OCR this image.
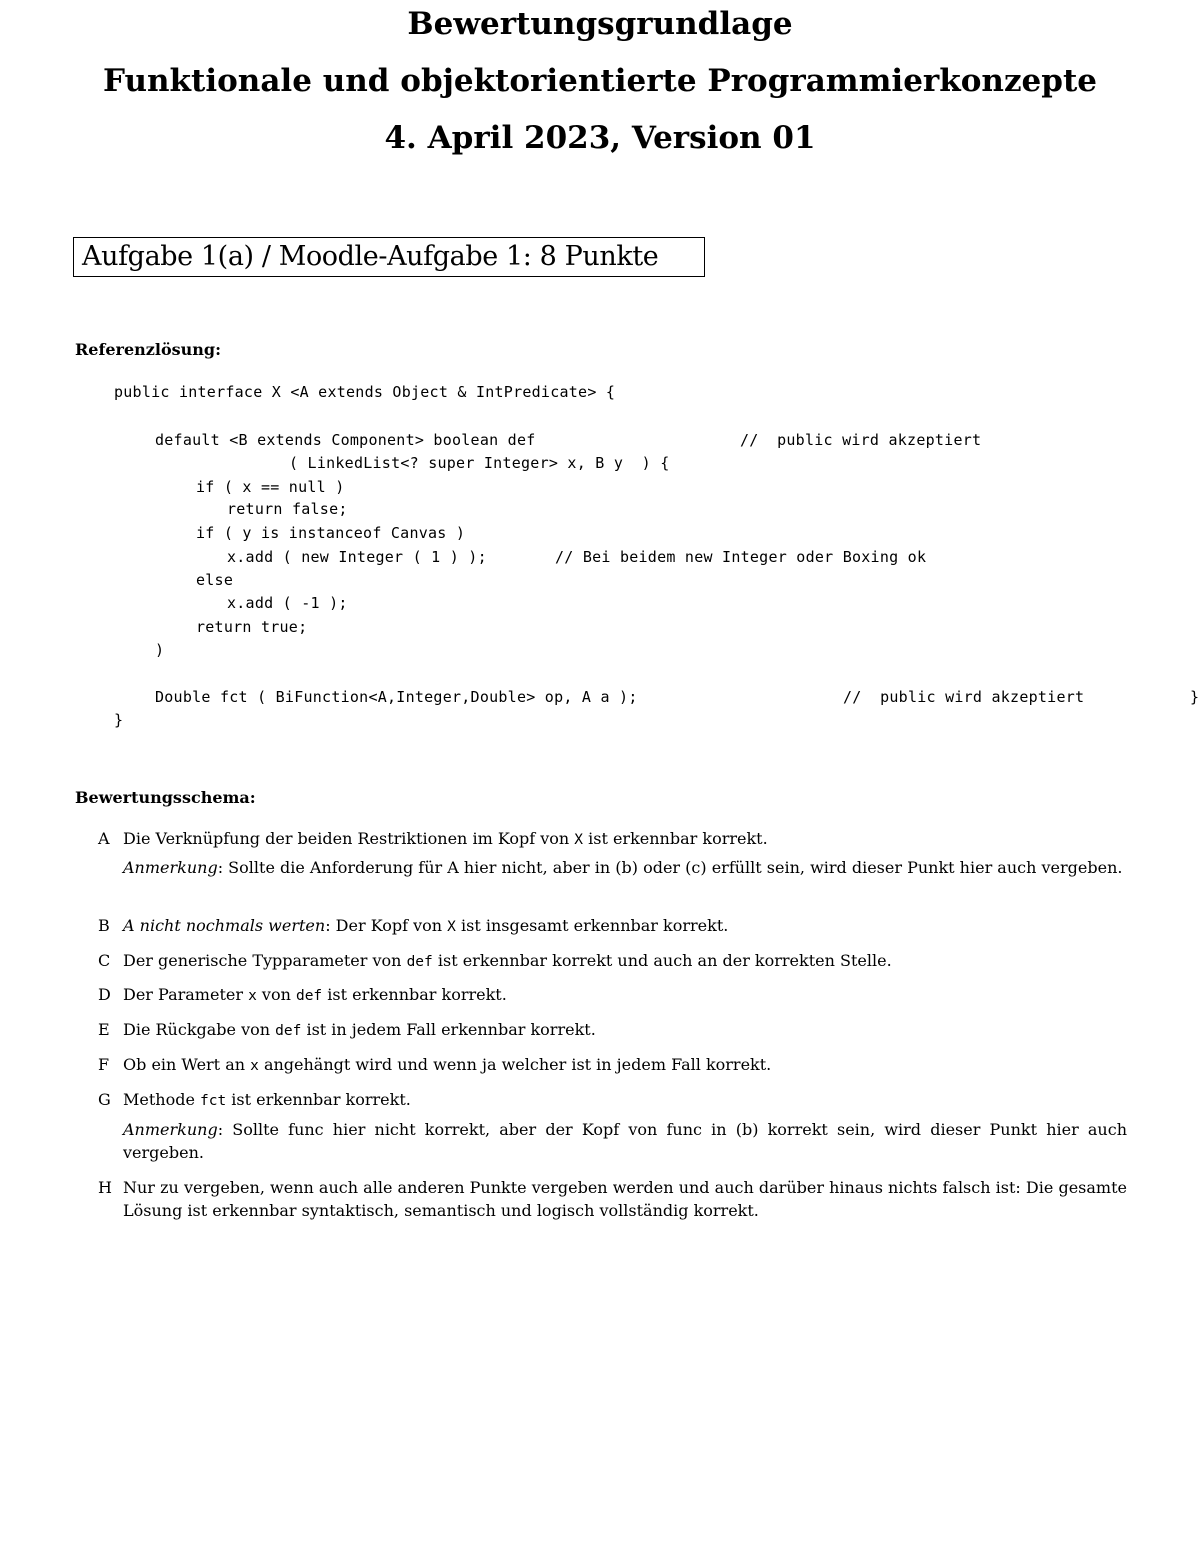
Bewertungsgrundlage
Funktionale und objektorientierte Programmierkonzepte
4. April 2023, Version 01
Aufgabe 1(a) / Moodle-Aufgabe 1: 8 Punkte
Referenzlösung:
public interface X <A extends Object & IntPredicate> {
default <B extends Component> boolean def	//  public wird akzeptiert
( LinkedList<? super Integer> x, B y  ) {
if ( x == null )
return false;
if ( y is instanceof Canvas )
x.add ( new Integer ( 1 ) );	// Bei beidem new Integer oder Boxing ok
else
x.add ( -1 );
return true;
)
Double fct ( BiFunction<A,Integer,Double> op, A a );	//  public wird akzeptiert	}
}
Bewertungsschema:
A Die Verknüpfung der beiden Restriktionen im Kopf von X ist erkennbar korrekt.
Anmerkung: Sollte die Anforderung für A hier nicht, aber in (b) oder (c) erfüllt sein, wird dieser Punkt hier auch vergeben.
B A nicht nochmals werten: Der Kopf von X ist insgesamt erkennbar korrekt.
C Der generische Typparameter von def ist erkennbar korrekt und auch an der korrekten Stelle.
D Der Parameter x von def ist erkennbar korrekt.
E Die Rückgabe von def ist in jedem Fall erkennbar korrekt.
F Ob ein Wert an x angehängt wird und wenn ja welcher ist in jedem Fall korrekt.
G Methode fct ist erkennbar korrekt.
Anmerkung: Sollte func hier nicht korrekt, aber der Kopf von func in (b) korrekt sein, wird dieser Punkt hier auch vergeben.
H Nur zu vergeben, wenn auch alle anderen Punkte vergeben werden und auch darüber hinaus nichts falsch ist: Die gesamte Lösung ist erkennbar syntaktisch, semantisch und logisch vollständig korrekt.
